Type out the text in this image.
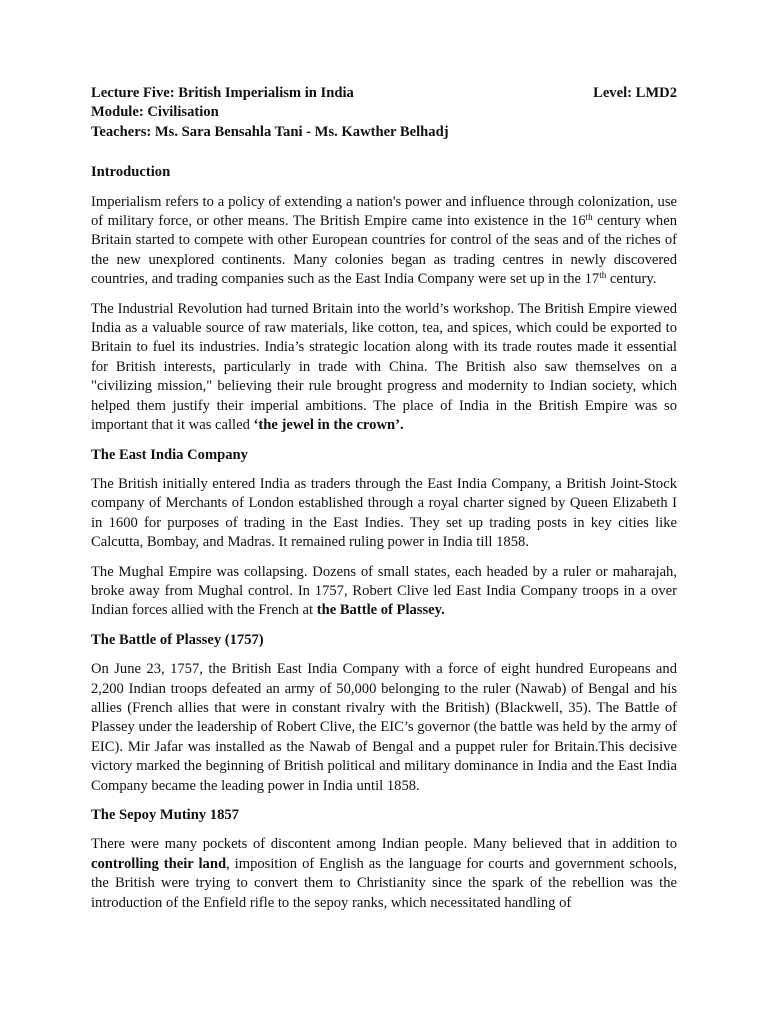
Lecture Five: British Imperialism in India	Level: LMD2
Module: Civilisation
Teachers: Ms. Sara Bensahla Tani - Ms. Kawther Belhadj
Introduction

Imperialism refers to a policy of extending a nation's power and influence through colonization, use of military force, or other means. The British Empire came into existence in the 16th century when Britain started to compete with other European countries for control of the seas and of the riches of the new unexplored continents. Many colonies began as trading centres in newly discovered countries, and trading companies such as the East India Company were set up in the 17th century.

The Industrial Revolution had turned Britain into the world’s workshop. The British Empire viewed India as a valuable source of raw materials, like cotton, tea, and spices, which could be exported to Britain to fuel its industries. India’s strategic location along with its trade routes made it essential for British interests, particularly in trade with China. The British also saw themselves on a "civilizing mission," believing their rule brought progress and modernity to Indian society, which helped them justify their imperial ambitions. The place of India in the British Empire was so important that it was called ‘the jewel in the crown’.

The East India Company

The British initially entered India as traders through the East India Company, a British Joint-Stock company of Merchants of London established through a royal charter signed by Queen Elizabeth I in 1600 for purposes of trading in the East Indies. They set up trading posts in key cities like Calcutta, Bombay, and Madras. It remained ruling power in India till 1858.

The Mughal Empire was collapsing. Dozens of small states, each headed by a ruler or maharajah, broke away from Mughal control. In 1757, Robert Clive led East India Company troops in a over Indian forces allied with the French at the Battle of Plassey.

The Battle of Plassey (1757)

On June 23, 1757, the British East India Company with a force of eight hundred Europeans and 2,200 Indian troops defeated an army of 50,000 belonging to the ruler (Nawab) of Bengal and his allies (French allies that were in constant rivalry with the British) (Blackwell, 35). The Battle of Plassey under the leadership of Robert Clive, the EIC’s governor (the battle was held by the army of EIC). Mir Jafar was installed as the Nawab of Bengal and a puppet ruler for Britain.This decisive victory marked the beginning of British political and military dominance in India and the East India Company became the leading power in India until 1858.

The Sepoy Mutiny 1857

There were many pockets of discontent among Indian people. Many believed that in addition to controlling their land, imposition of English as the language for courts and government schools, the British were trying to convert them to Christianity since the spark of the rebellion was the introduction of the Enfield rifle to the sepoy ranks, which necessitated handling of
